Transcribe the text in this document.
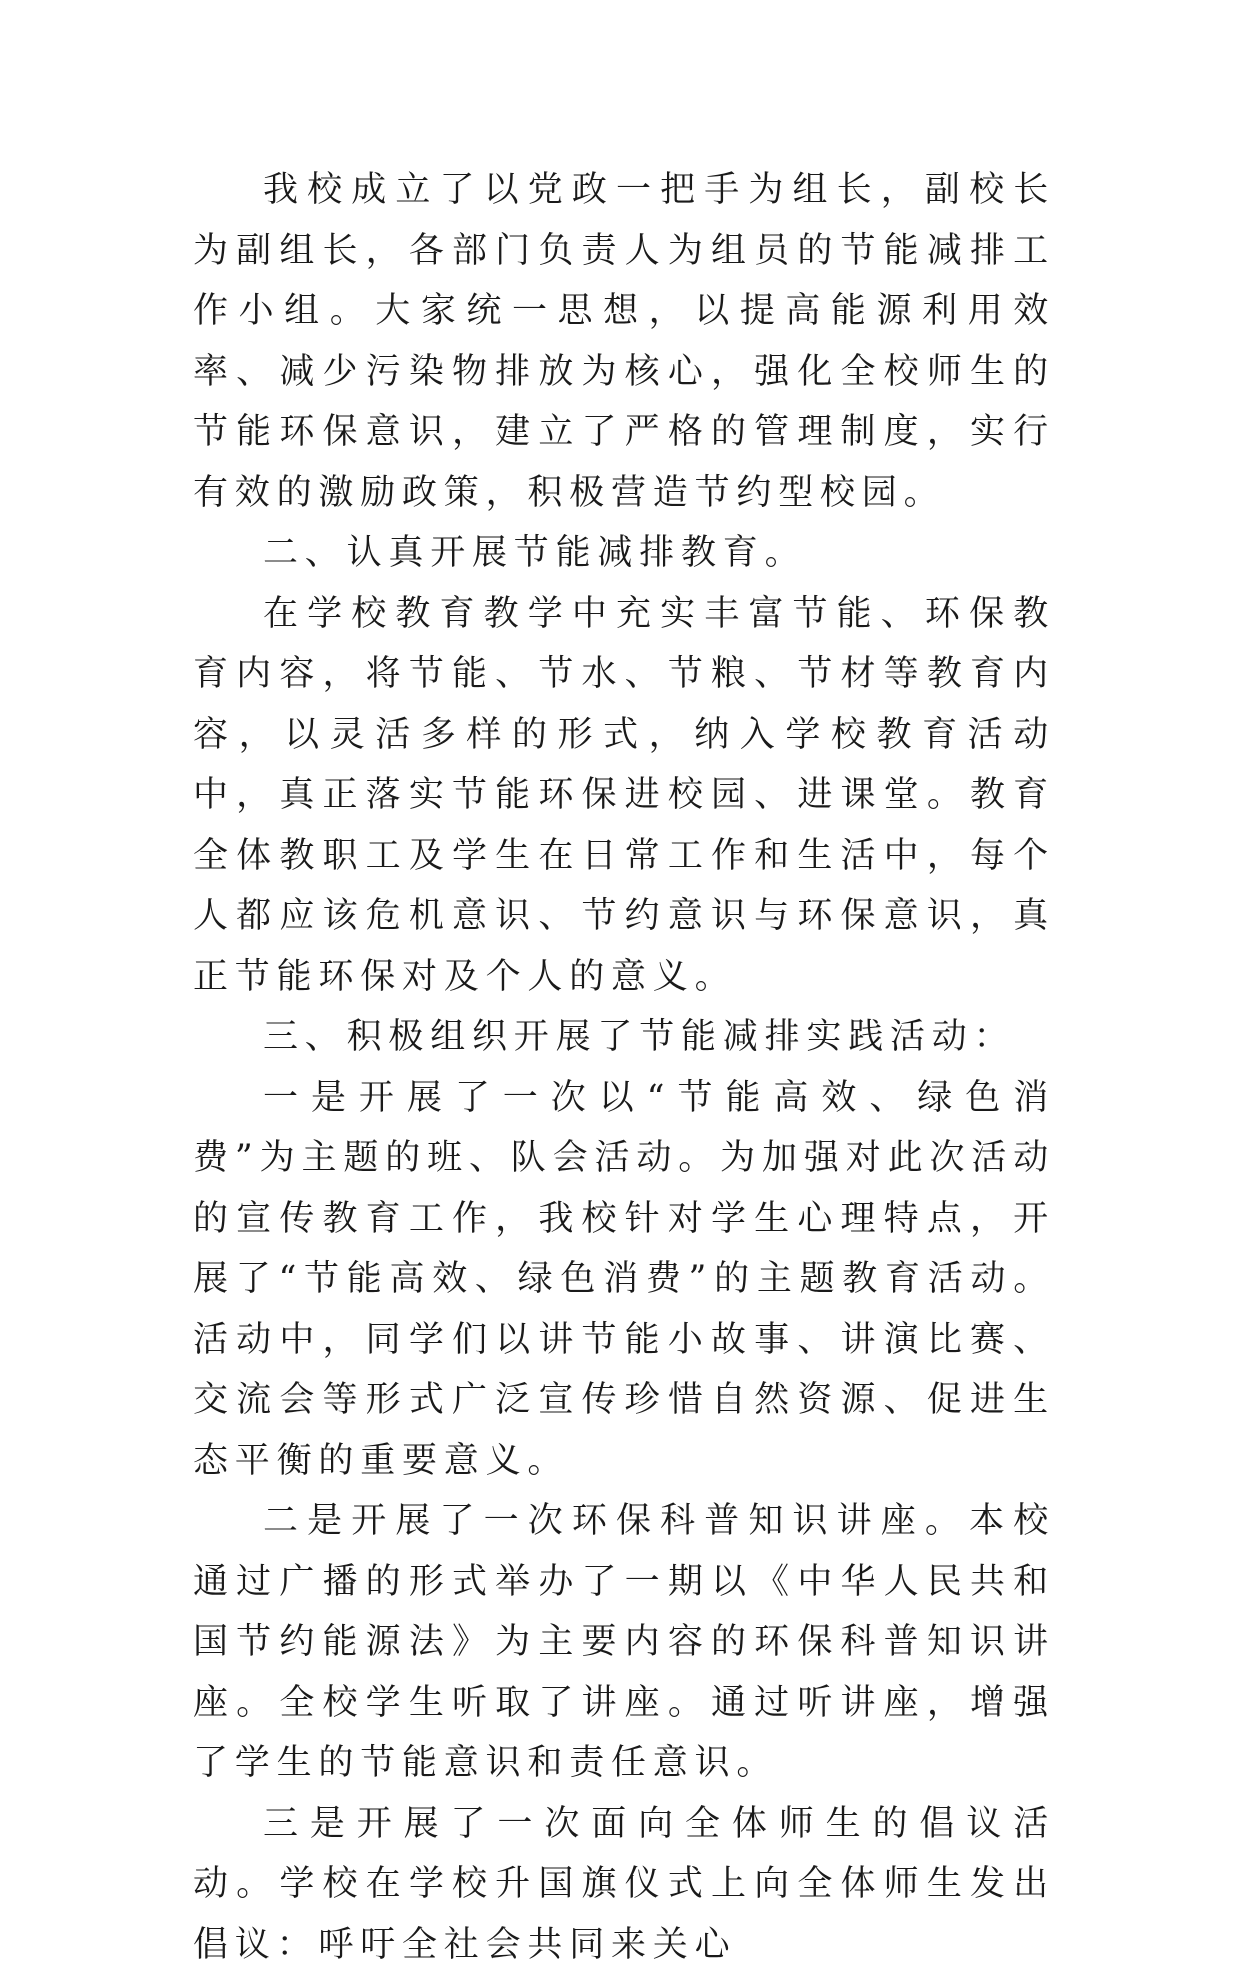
我校成立了以党政一把手为组长，副校长为副组长，各部门负责人为组员的节能减排工作小组。大家统一思想，以提高能源利用效率、减少污染物排放为核心，强化全校师生的节能环保意识，建立了严格的管理制度，实行有效的激励政策，积极营造节约型校园。

二、认真开展节能减排教育。

在学校教育教学中充实丰富节能、环保教育内容，将节能、节水、节粮、节材等教育内容，以灵活多样的形式，纳入学校教育活动中，真正落实节能环保进校园、进课堂。教育全体教职工及学生在日常工作和生活中，每个人都应该危机意识、节约意识与环保意识，真正节能环保对及个人的意义。

三、积极组织开展了节能减排实践活动：

一是开展了一次以“节能高效、绿色消费”为主题的班、队会活动。为加强对此次活动的宣传教育工作，我校针对学生心理特点，开展了“节能高效、绿色消费”的主题教育活动。活动中，同学们以讲节能小故事、讲演比赛、交流会等形式广泛宣传珍惜自然资源、促进生态平衡的重要意义。

二是开展了一次环保科普知识讲座。本校通过广播的形式举办了一期以《中华人民共和国节约能源法》为主要内容的环保科普知识讲座。全校学生听取了讲座。通过听讲座，增强了学生的节能意识和责任意识。

三是开展了一次面向全体师生的倡议活动。学校在学校升国旗仪式上向全体师生发出倡议：呼吁全社会共同来关心
